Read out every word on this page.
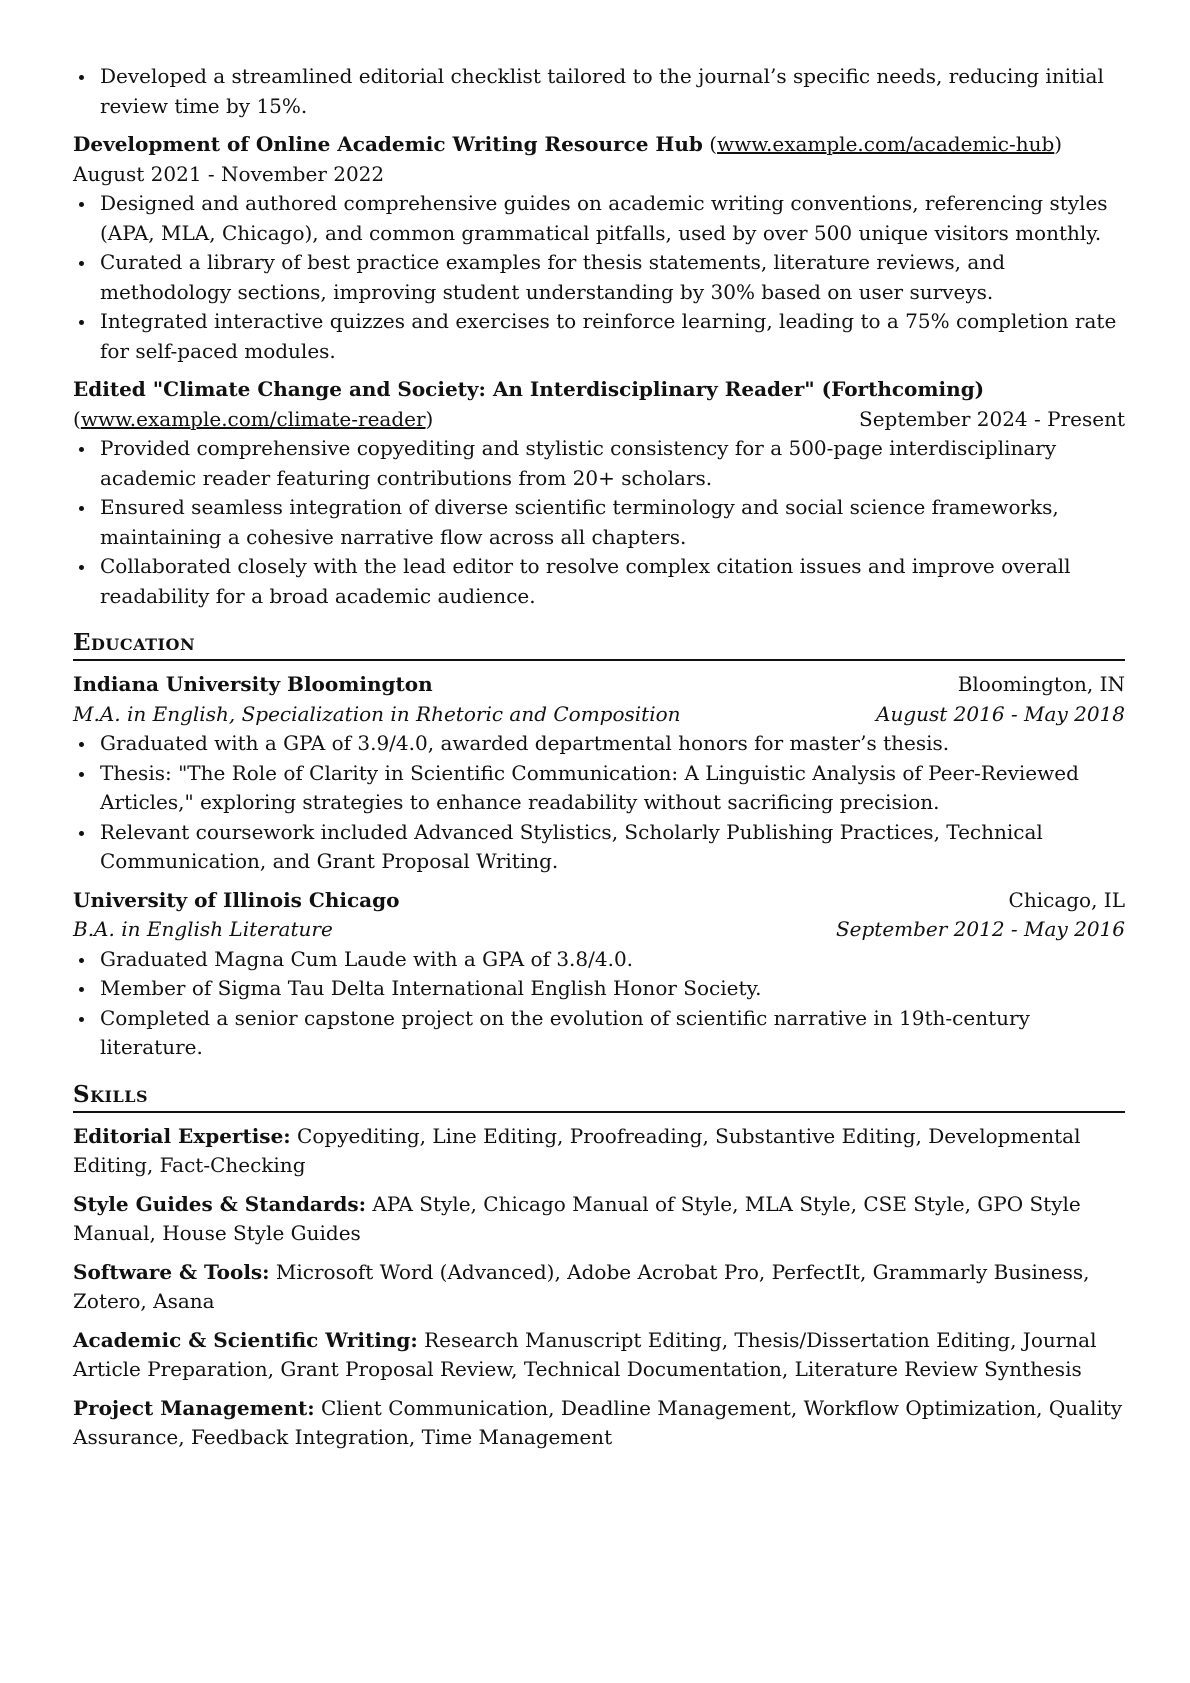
Developed a streamlined editorial checklist tailored to the journal’s specific needs, reducing initial review time by 15%.
Development of Online Academic Writing Resource Hub (www.example.com/academic-hub) August 2021 - November 2022
Designed and authored comprehensive guides on academic writing conventions, referencing styles (APA, MLA, Chicago), and common grammatical pitfalls, used by over 500 unique visitors monthly.
Curated a library of best practice examples for thesis statements, literature reviews, and methodology sections, improving student understanding by 30% based on user surveys.
Integrated interactive quizzes and exercises to reinforce learning, leading to a 75% completion rate for self-paced modules.
Edited "Climate Change and Society: An Interdisciplinary Reader" (Forthcoming)
(www.example.com/climate-reader)	September 2024 - Present
Provided comprehensive copyediting and stylistic consistency for a 500-page interdisciplinary academic reader featuring contributions from 20+ scholars.
Ensured seamless integration of diverse scientific terminology and social science frameworks, maintaining a cohesive narrative flow across all chapters.
Collaborated closely with the lead editor to resolve complex citation issues and improve overall readability for a broad academic audience.
Education
Indiana University Bloomington	Bloomington, IN
M.A. in English, Specialization in Rhetoric and Composition	August 2016 - May 2018
Graduated with a GPA of 3.9/4.0, awarded departmental honors for master’s thesis.
Thesis: "The Role of Clarity in Scientific Communication: A Linguistic Analysis of Peer-Reviewed Articles," exploring strategies to enhance readability without sacrificing precision.
Relevant coursework included Advanced Stylistics, Scholarly Publishing Practices, Technical Communication, and Grant Proposal Writing.
University of Illinois Chicago	Chicago, IL
B.A. in English Literature	September 2012 - May 2016
Graduated Magna Cum Laude with a GPA of 3.8/4.0.
Member of Sigma Tau Delta International English Honor Society.
Completed a senior capstone project on the evolution of scientific narrative in 19th-century literature.
Skills
Editorial Expertise: Copyediting, Line Editing, Proofreading, Substantive Editing, Developmental Editing, Fact-Checking
Style Guides & Standards: APA Style, Chicago Manual of Style, MLA Style, CSE Style, GPO Style Manual, House Style Guides
Software & Tools: Microsoft Word (Advanced), Adobe Acrobat Pro, PerfectIt, Grammarly Business, Zotero, Asana
Academic & Scientific Writing: Research Manuscript Editing, Thesis/Dissertation Editing, Journal Article Preparation, Grant Proposal Review, Technical Documentation, Literature Review Synthesis
Project Management: Client Communication, Deadline Management, Workflow Optimization, Quality Assurance, Feedback Integration, Time Management
